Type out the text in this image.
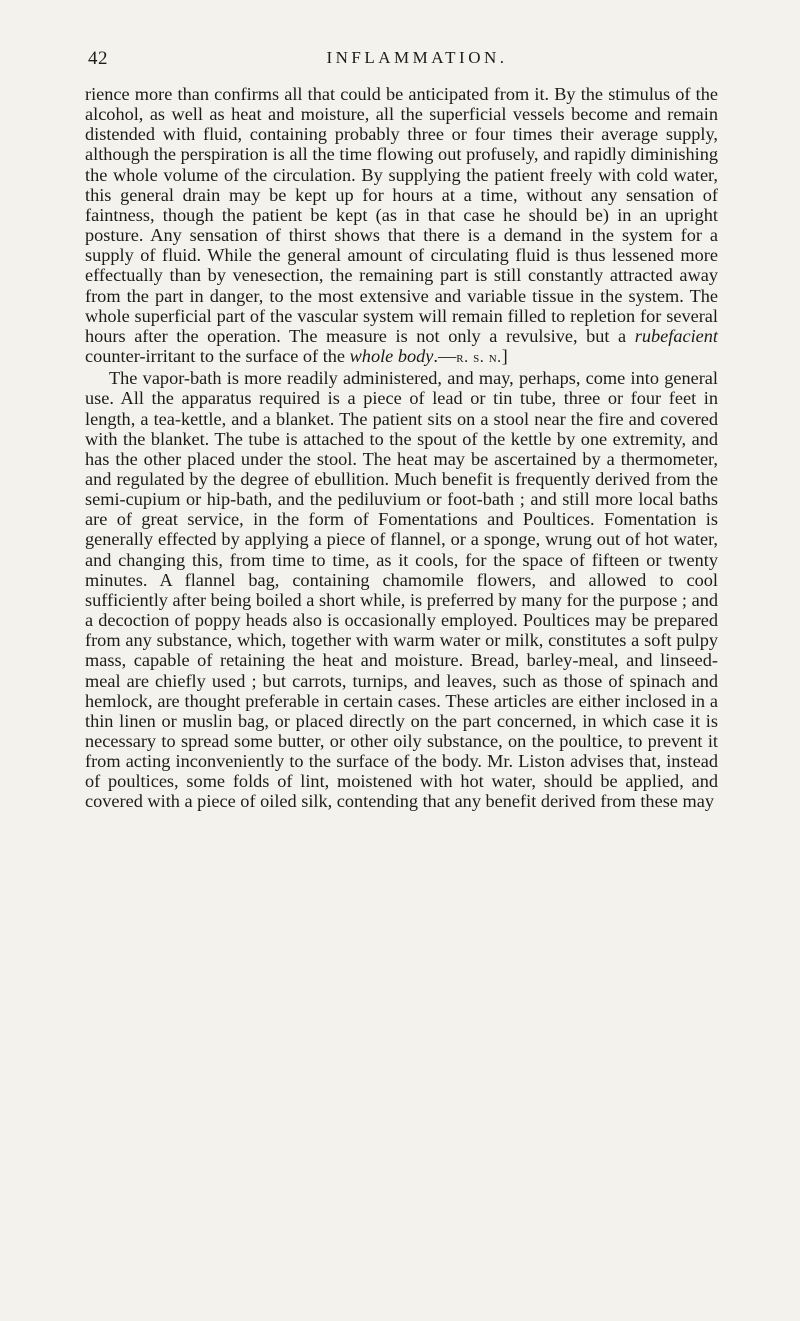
42	INFLAMMATION.

rience more than confirms all that could be anticipated from it. By the stimulus of the alcohol, as well as heat and moisture, all the superficial vessels become and remain distended with fluid, containing probably three or four times their average supply, although the perspiration is all the time flowing out profusely, and rapidly diminishing the whole volume of the circulation. By supplying the patient freely with cold water, this general drain may be kept up for hours at a time, without any sensation of faintness, though the patient be kept (as in that case he should be) in an upright posture. Any sensation of thirst shows that there is a demand in the system for a supply of fluid. While the general amount of circulating fluid is thus lessened more effectually than by venesection, the remaining part is still constantly attracted away from the part in danger, to the most extensive and variable tissue in the system. The whole superficial part of the vascular system will remain filled to repletion for several hours after the operation. The measure is not only a revulsive, but a rubefacient counter-irritant to the surface of the whole body.—r. s. n.]

The vapor-bath is more readily administered, and may, perhaps, come into general use. All the apparatus required is a piece of lead or tin tube, three or four feet in length, a tea-kettle, and a blanket. The patient sits on a stool near the fire and covered with the blanket. The tube is attached to the spout of the kettle by one extremity, and has the other placed under the stool. The heat may be ascertained by a thermometer, and regulated by the degree of ebullition. Much benefit is frequently derived from the semi-cupium or hip-bath, and the pediluvium or foot-bath ; and still more local baths are of great service, in the form of Fomentations and Poultices. Fomentation is generally effected by applying a piece of flannel, or a sponge, wrung out of hot water, and changing this, from time to time, as it cools, for the space of fifteen or twenty minutes. A flannel bag, containing chamomile flowers, and allowed to cool sufficiently after being boiled a short while, is preferred by many for the purpose ; and a decoction of poppy heads also is occasionally employed. Poultices may be prepared from any substance, which, together with warm water or milk, constitutes a soft pulpy mass, capable of retaining the heat and moisture. Bread, barley-meal, and linseed-meal are chiefly used ; but carrots, turnips, and leaves, such as those of spinach and hemlock, are thought preferable in certain cases. These articles are either inclosed in a thin linen or muslin bag, or placed directly on the part concerned, in which case it is necessary to spread some butter, or other oily substance, on the poultice, to prevent it from acting inconveniently to the surface of the body. Mr. Liston advises that, instead of poultices, some folds of lint, moistened with hot water, should be applied, and covered with a piece of oiled silk, contending that any benefit derived from these may
